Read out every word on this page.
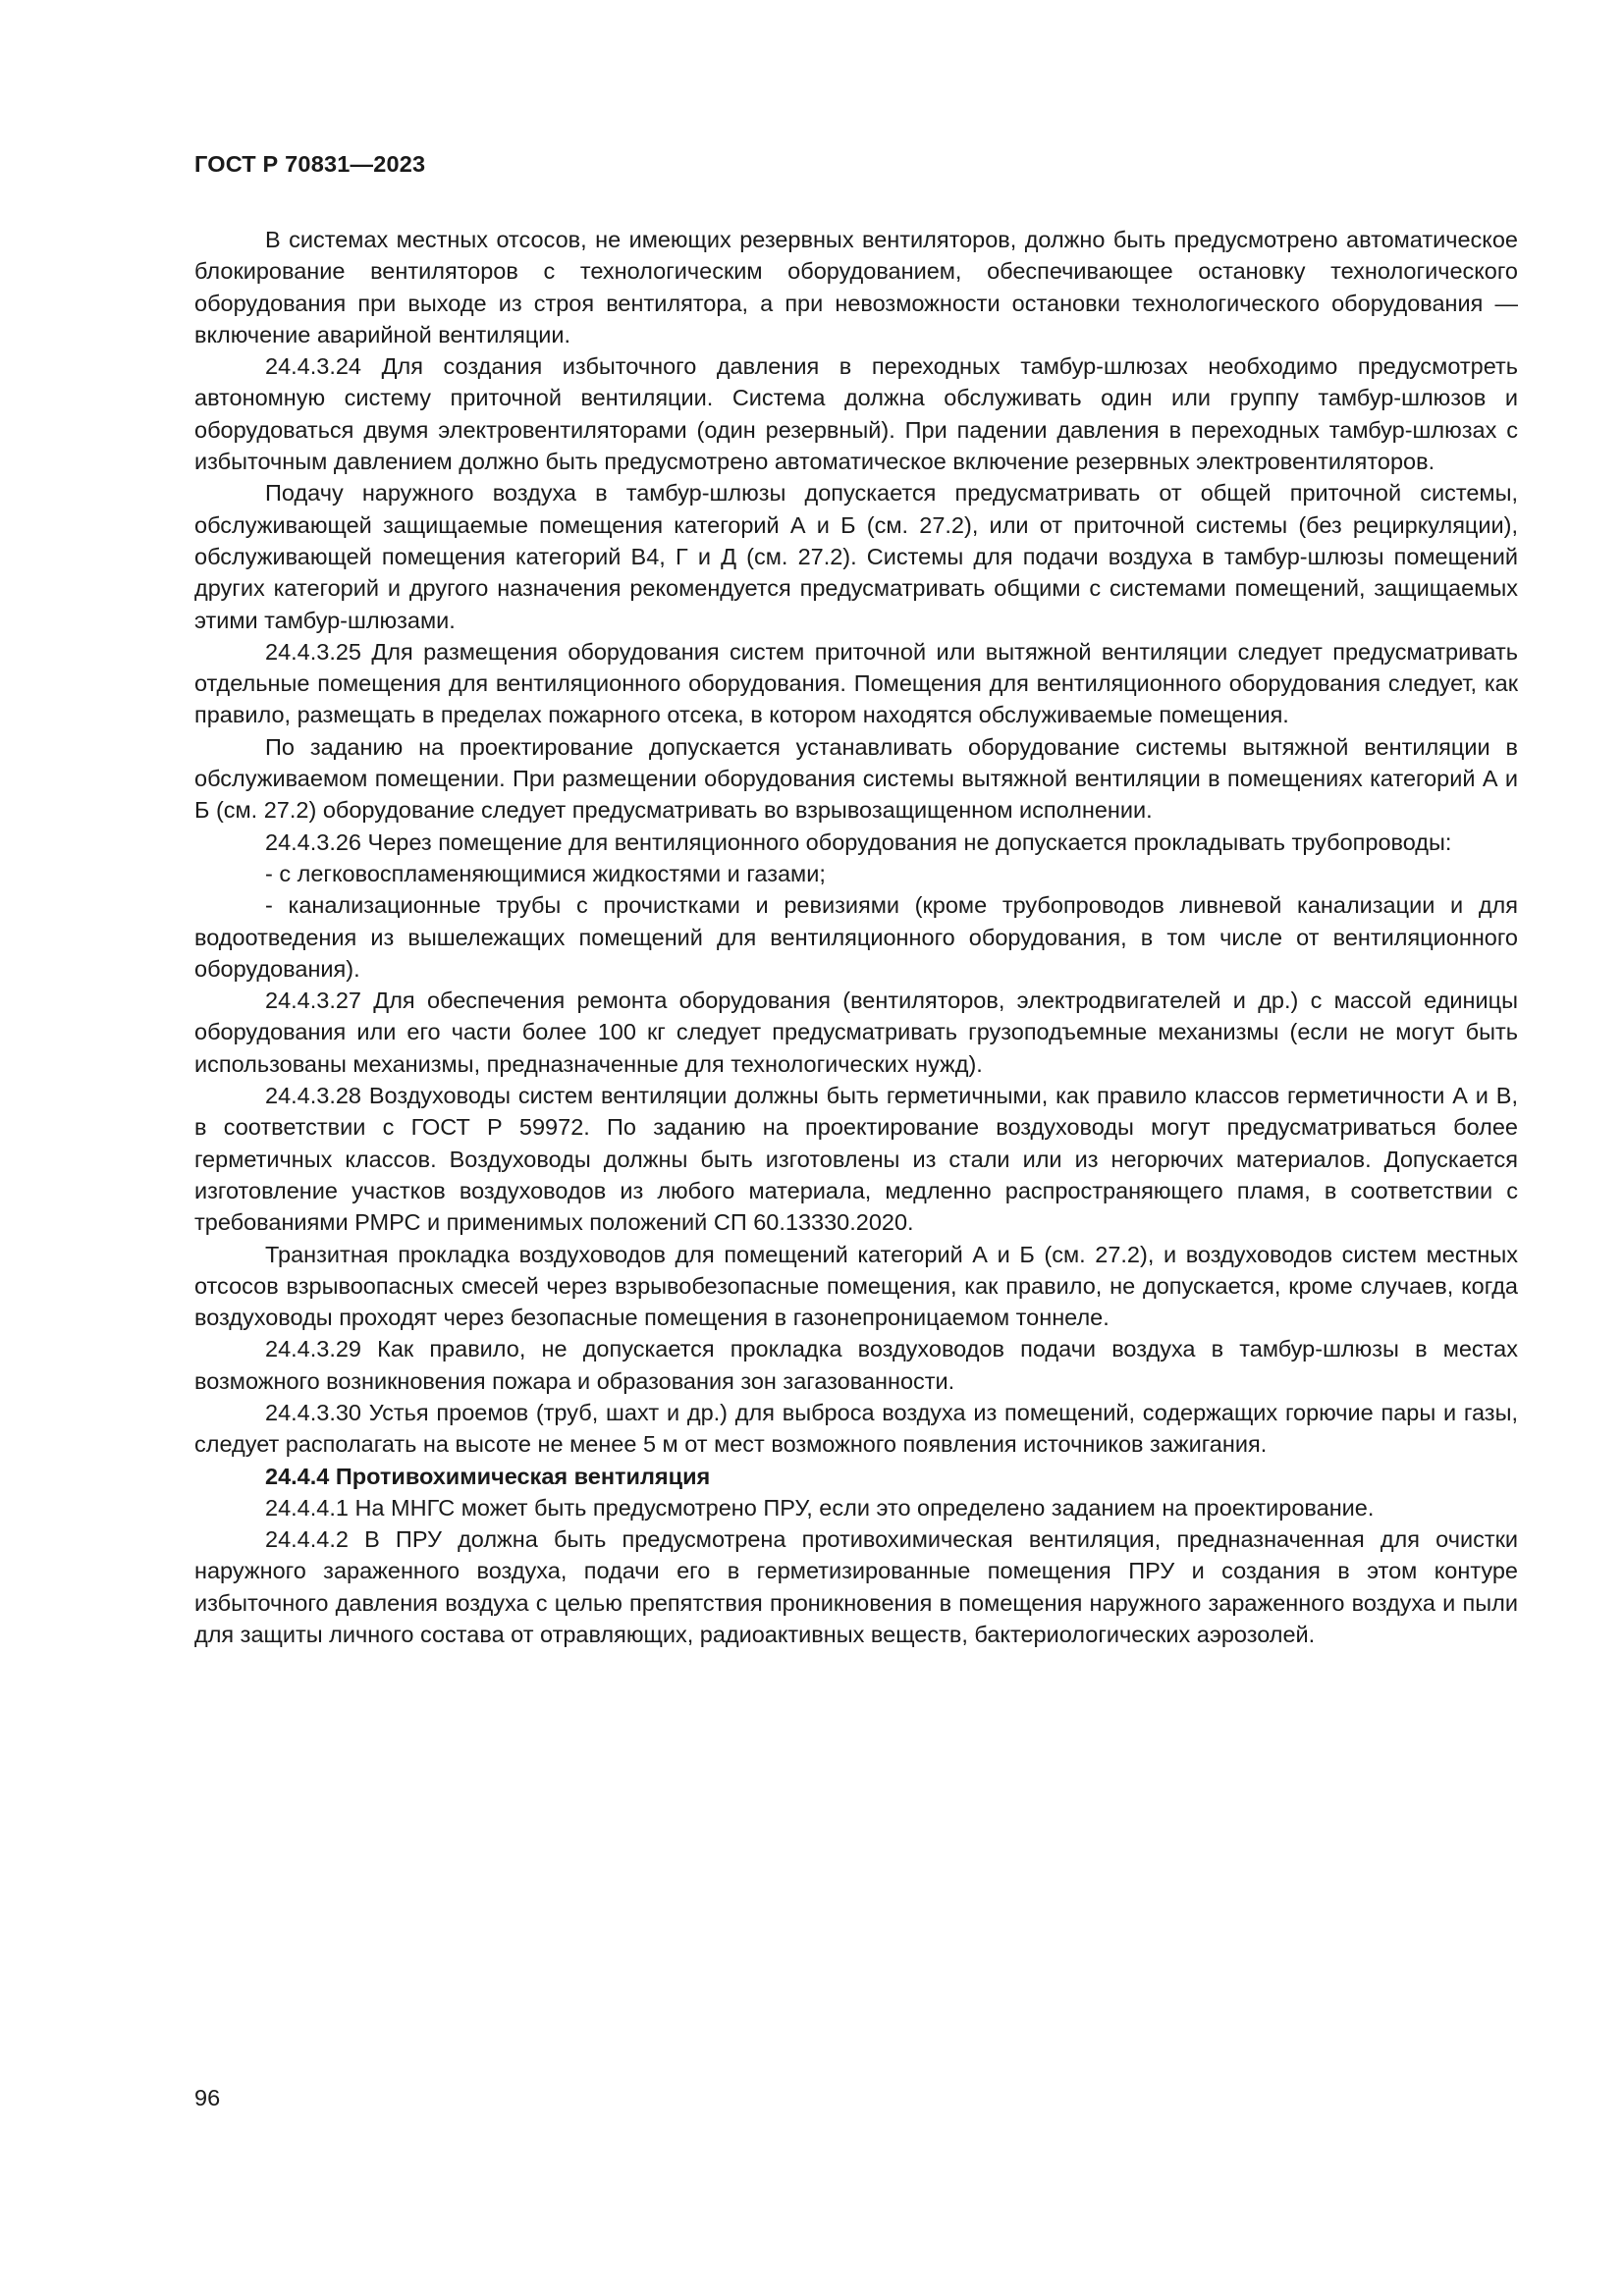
ГОСТ Р 70831—2023

В системах местных отсосов, не имеющих резервных вентиляторов, должно быть предусмотрено автоматическое блокирование вентиляторов с технологическим оборудованием, обеспечивающее остановку технологического оборудования при выходе из строя вентилятора, а при невозможности остановки технологического оборудования — включение аварийной вентиляции.

24.4.3.24 Для создания избыточного давления в переходных тамбур-шлюзах необходимо предусмотреть автономную систему приточной вентиляции. Система должна обслуживать один или группу тамбур-шлюзов и оборудоваться двумя электровентиляторами (один резервный). При падении давления в переходных тамбур-шлюзах с избыточным давлением должно быть предусмотрено автоматическое включение резервных электровентиляторов.

Подачу наружного воздуха в тамбур-шлюзы допускается предусматривать от общей приточной системы, обслуживающей защищаемые помещения категорий А и Б (см. 27.2), или от приточной системы (без рециркуляции), обслуживающей помещения категорий В4, Г и Д (см. 27.2). Системы для подачи воздуха в тамбур-шлюзы помещений других категорий и другого назначения рекомендуется предусматривать общими с системами помещений, защищаемых этими тамбур-шлюзами.

24.4.3.25 Для размещения оборудования систем приточной или вытяжной вентиляции следует предусматривать отдельные помещения для вентиляционного оборудования. Помещения для вентиляционного оборудования следует, как правило, размещать в пределах пожарного отсека, в котором находятся обслуживаемые помещения.

По заданию на проектирование допускается устанавливать оборудование системы вытяжной вентиляции в обслуживаемом помещении. При размещении оборудования системы вытяжной вентиляции в помещениях категорий А и Б (см. 27.2) оборудование следует предусматривать во взрывозащищенном исполнении.

24.4.3.26 Через помещение для вентиляционного оборудования не допускается прокладывать трубопроводы:

- с легковоспламеняющимися жидкостями и газами;

- канализационные трубы с прочистками и ревизиями (кроме трубопроводов ливневой канализации и для водоотведения из вышележащих помещений для вентиляционного оборудования, в том числе от вентиляционного оборудования).

24.4.3.27 Для обеспечения ремонта оборудования (вентиляторов, электродвигателей и др.) с массой единицы оборудования или его части более 100 кг следует предусматривать грузоподъемные механизмы (если не могут быть использованы механизмы, предназначенные для технологических нужд).

24.4.3.28 Воздуховоды систем вентиляции должны быть герметичными, как правило классов герметичности А и В, в соответствии с ГОСТ Р 59972. По заданию на проектирование воздуховоды могут предусматриваться более герметичных классов. Воздуховоды должны быть изготовлены из стали или из негорючих материалов. Допускается изготовление участков воздуховодов из любого материала, медленно распространяющего пламя, в соответствии с требованиями РМРС и применимых положений СП 60.13330.2020.

Транзитная прокладка воздуховодов для помещений категорий А и Б (см. 27.2), и воздуховодов систем местных отсосов взрывоопасных смесей через взрывобезопасные помещения, как правило, не допускается, кроме случаев, когда воздуховоды проходят через безопасные помещения в газонепроницаемом тоннеле.

24.4.3.29 Как правило, не допускается прокладка воздуховодов подачи воздуха в тамбур-шлюзы в местах возможного возникновения пожара и образования зон загазованности.

24.4.3.30 Устья проемов (труб, шахт и др.) для выброса воздуха из помещений, содержащих горючие пары и газы, следует располагать на высоте не менее 5 м от мест возможного появления источников зажигания.

24.4.4 Противохимическая вентиляция

24.4.4.1 На МНГС может быть предусмотрено ПРУ, если это определено заданием на проектирование.

24.4.4.2 В ПРУ должна быть предусмотрена противохимическая вентиляция, предназначенная для очистки наружного зараженного воздуха, подачи его в герметизированные помещения ПРУ и создания в этом контуре избыточного давления воздуха с целью препятствия проникновения в помещения наружного зараженного воздуха и пыли для защиты личного состава от отравляющих, радиоактивных веществ, бактериологических аэрозолей.

96
